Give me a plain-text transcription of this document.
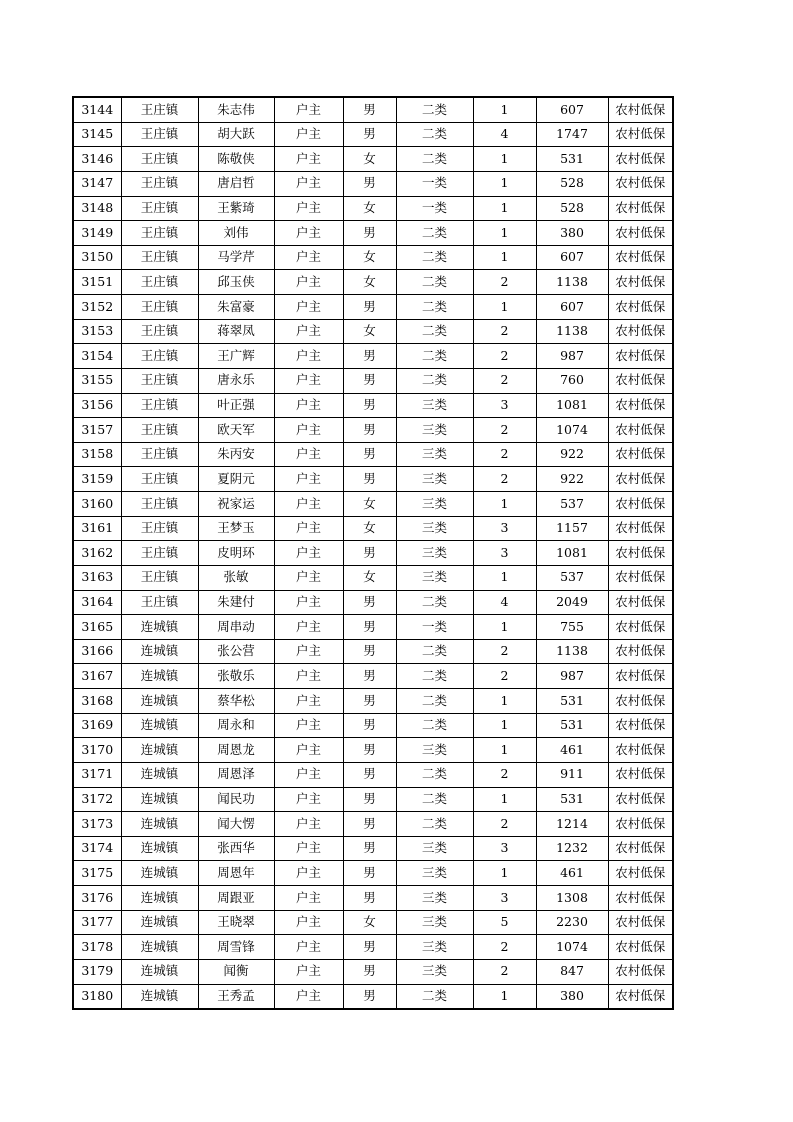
3144	王庄镇	朱志伟	户主	男	二类	1	607	农村低保
3145	王庄镇	胡大跃	户主	男	二类	4	1747	农村低保
3146	王庄镇	陈敬侠	户主	女	二类	1	531	农村低保
3147	王庄镇	唐启哲	户主	男	一类	1	528	农村低保
3148	王庄镇	王紫琦	户主	女	一类	1	528	农村低保
3149	王庄镇	刘伟	户主	男	二类	1	380	农村低保
3150	王庄镇	马学芹	户主	女	二类	1	607	农村低保
3151	王庄镇	邱玉侠	户主	女	二类	2	1138	农村低保
3152	王庄镇	朱富豪	户主	男	二类	1	607	农村低保
3153	王庄镇	蒋翠凤	户主	女	二类	2	1138	农村低保
3154	王庄镇	王广辉	户主	男	二类	2	987	农村低保
3155	王庄镇	唐永乐	户主	男	二类	2	760	农村低保
3156	王庄镇	叶正强	户主	男	三类	3	1081	农村低保
3157	王庄镇	欧天军	户主	男	三类	2	1074	农村低保
3158	王庄镇	朱丙安	户主	男	三类	2	922	农村低保
3159	王庄镇	夏阴元	户主	男	三类	2	922	农村低保
3160	王庄镇	祝家运	户主	女	三类	1	537	农村低保
3161	王庄镇	王梦玉	户主	女	三类	3	1157	农村低保
3162	王庄镇	皮明环	户主	男	三类	3	1081	农村低保
3163	王庄镇	张敏	户主	女	三类	1	537	农村低保
3164	王庄镇	朱建付	户主	男	二类	4	2049	农村低保
3165	连城镇	周串动	户主	男	一类	1	755	农村低保
3166	连城镇	张公营	户主	男	二类	2	1138	农村低保
3167	连城镇	张敬乐	户主	男	二类	2	987	农村低保
3168	连城镇	蔡华松	户主	男	二类	1	531	农村低保
3169	连城镇	周永和	户主	男	二类	1	531	农村低保
3170	连城镇	周恩龙	户主	男	三类	1	461	农村低保
3171	连城镇	周恩泽	户主	男	二类	2	911	农村低保
3172	连城镇	闻民功	户主	男	二类	1	531	农村低保
3173	连城镇	闻大愣	户主	男	二类	2	1214	农村低保
3174	连城镇	张西华	户主	男	三类	3	1232	农村低保
3175	连城镇	周恩年	户主	男	三类	1	461	农村低保
3176	连城镇	周跟亚	户主	男	三类	3	1308	农村低保
3177	连城镇	王晓翠	户主	女	三类	5	2230	农村低保
3178	连城镇	周雪锋	户主	男	三类	2	1074	农村低保
3179	连城镇	闻衡	户主	男	三类	2	847	农村低保
3180	连城镇	王秀孟	户主	男	二类	1	380	农村低保
